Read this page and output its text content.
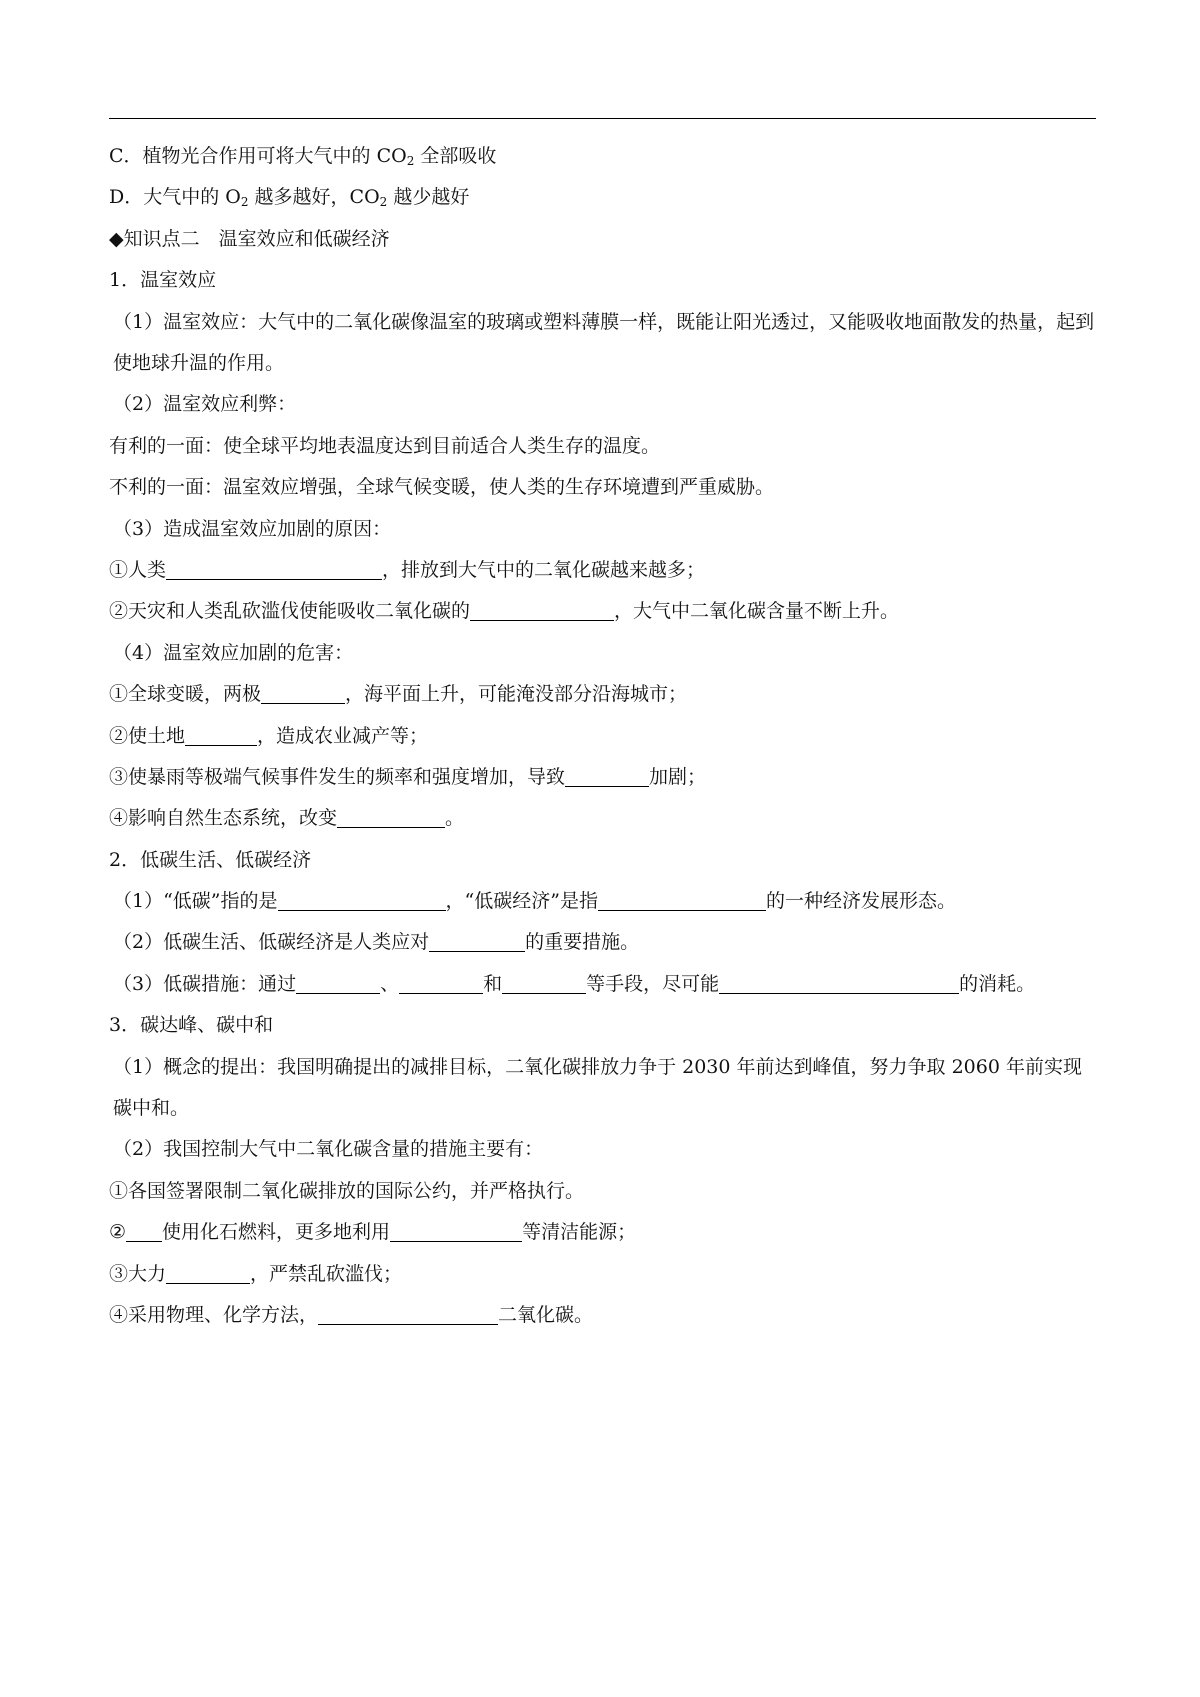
C．植物光合作用可将大气中的 $CO_2$ 全部吸收
D．大气中的 $O_2$ 越多越好，$CO_2$ 越少越好
◆知识点二　温室效应和低碳经济
1．温室效应
（1）温室效应：大气中的二氧化碳像温室的玻璃或塑料薄膜一样，既能让阳光透过，又能吸收地面散发的热量，起到使地球升温的作用。
（2）温室效应利弊：
有利的一面：使全球平均地表温度达到目前适合人类生存的温度。
不利的一面：温室效应增强，全球气候变暖，使人类的生存环境遭到严重威胁。
（3）造成温室效应加剧的原因：
①人类	，排放到大气中的二氧化碳越来越多；
②天灾和人类乱砍滥伐使能吸收二氧化碳的	，大气中二氧化碳含量不断上升。
（4）温室效应加剧的危害：
①全球变暖，两极	，海平面上升，可能淹没部分沿海城市；
②使土地	，造成农业减产等；
③使暴雨等极端气候事件发生的频率和强度增加，导致	加剧；
④影响自然生态系统，改变	。
2．低碳生活、低碳经济
（1）“低碳”指的是	，“低碳经济”是指	的一种经济发展形态。
（2）低碳生活、低碳经济是人类应对	的重要措施。
（3）低碳措施：通过	、	和	等手段，尽可能	的消耗。
3．碳达峰、碳中和
（1）概念的提出：我国明确提出的减排目标，二氧化碳排放力争于 2030 年前达到峰值，努力争取 2060 年前实现碳中和。
（2）我国控制大气中二氧化碳含量的措施主要有：
①各国签署限制二氧化碳排放的国际公约，并严格执行。
② 使用化石燃料，更多地利用	等清洁能源；
③大力	，严禁乱砍滥伐；
④采用物理、化学方法，	二氧化碳。
